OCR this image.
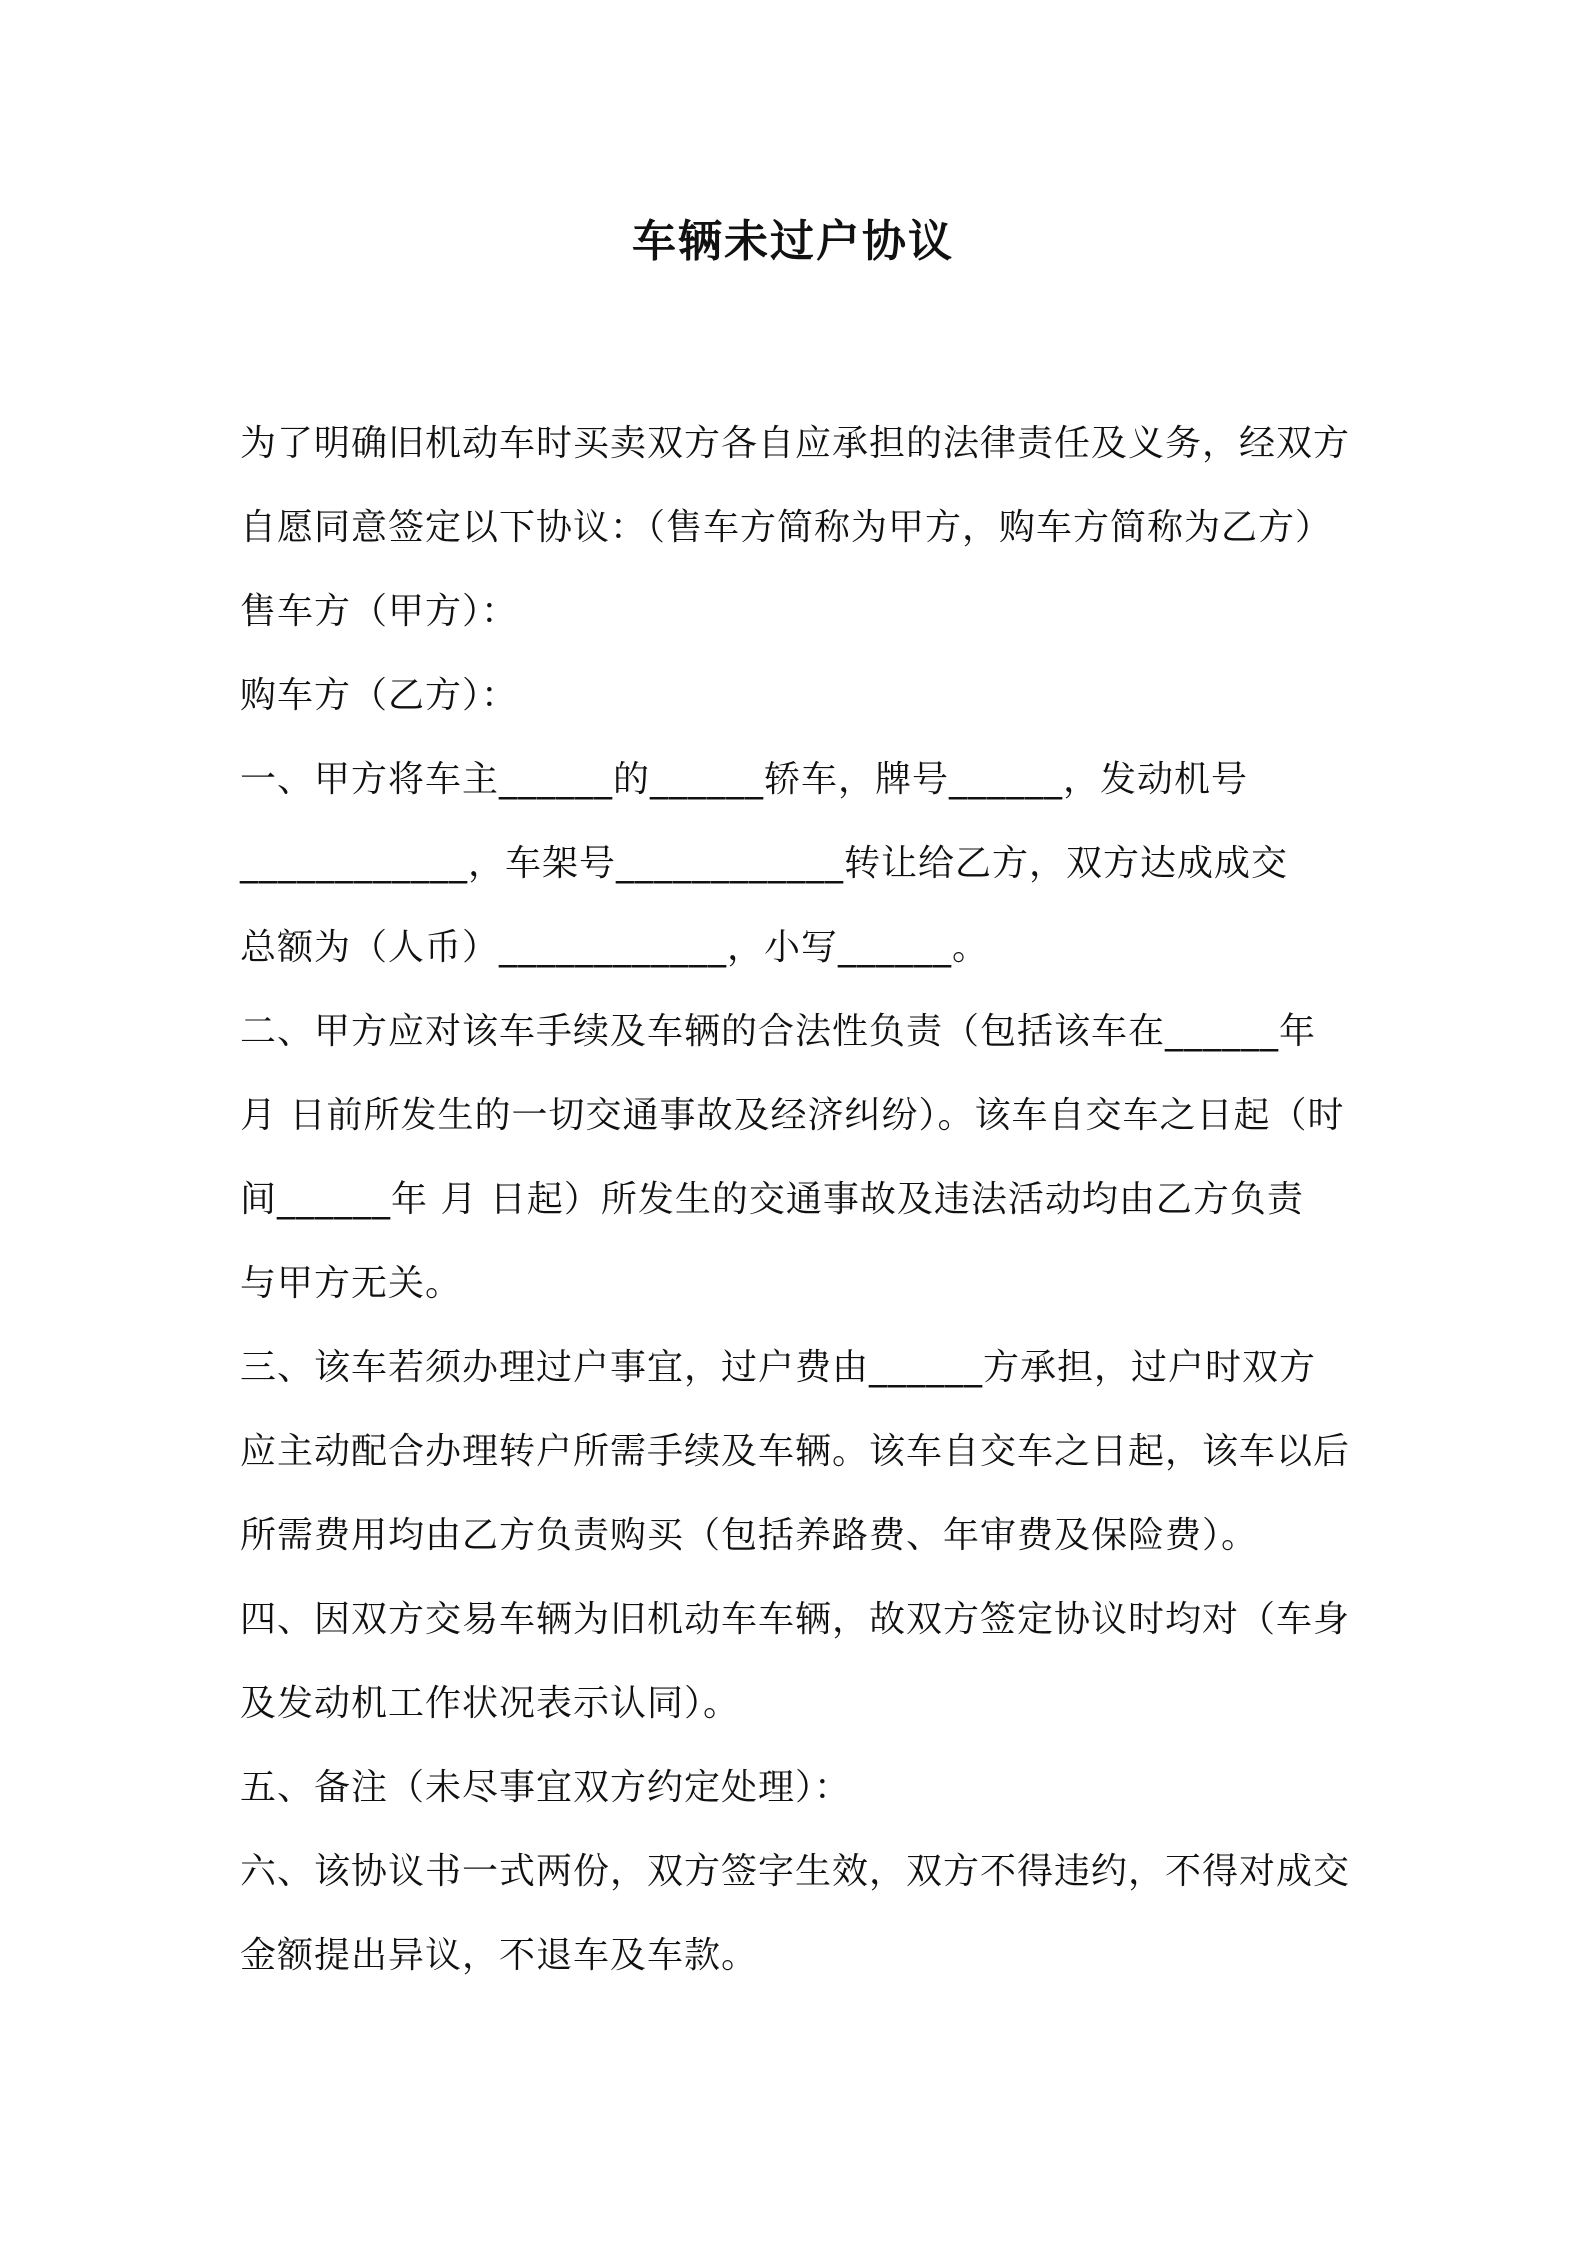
车辆未过户协议
为了明确旧机动车时买卖双方各自应承担的法律责任及义务，经双方
自愿同意签定以下协议：（售车方简称为甲方，购车方简称为乙方）
售车方（甲方）：
购车方（乙方）：
一、甲方将车主______的______轿车，牌号______，发动机号
____________，车架号____________转让给乙方，双方达成成交
总额为（人币）____________，小写______。
二、甲方应对该车手续及车辆的合法性负责（包括该车在______年
月 日前所发生的一切交通事故及经济纠纷）。该车自交车之日起（时
间______年 月 日起）所发生的交通事故及违法活动均由乙方负责
与甲方无关。
三、该车若须办理过户事宜，过户费由______方承担，过户时双方
应主动配合办理转户所需手续及车辆。该车自交车之日起，该车以后
所需费用均由乙方负责购买（包括养路费、年审费及保险费）。
四、因双方交易车辆为旧机动车车辆，故双方签定协议时均对（车身
及发动机工作状况表示认同）。
五、备注（未尽事宜双方约定处理）：
六、该协议书一式两份，双方签字生效，双方不得违约，不得对成交
金额提出异议，不退车及车款。
